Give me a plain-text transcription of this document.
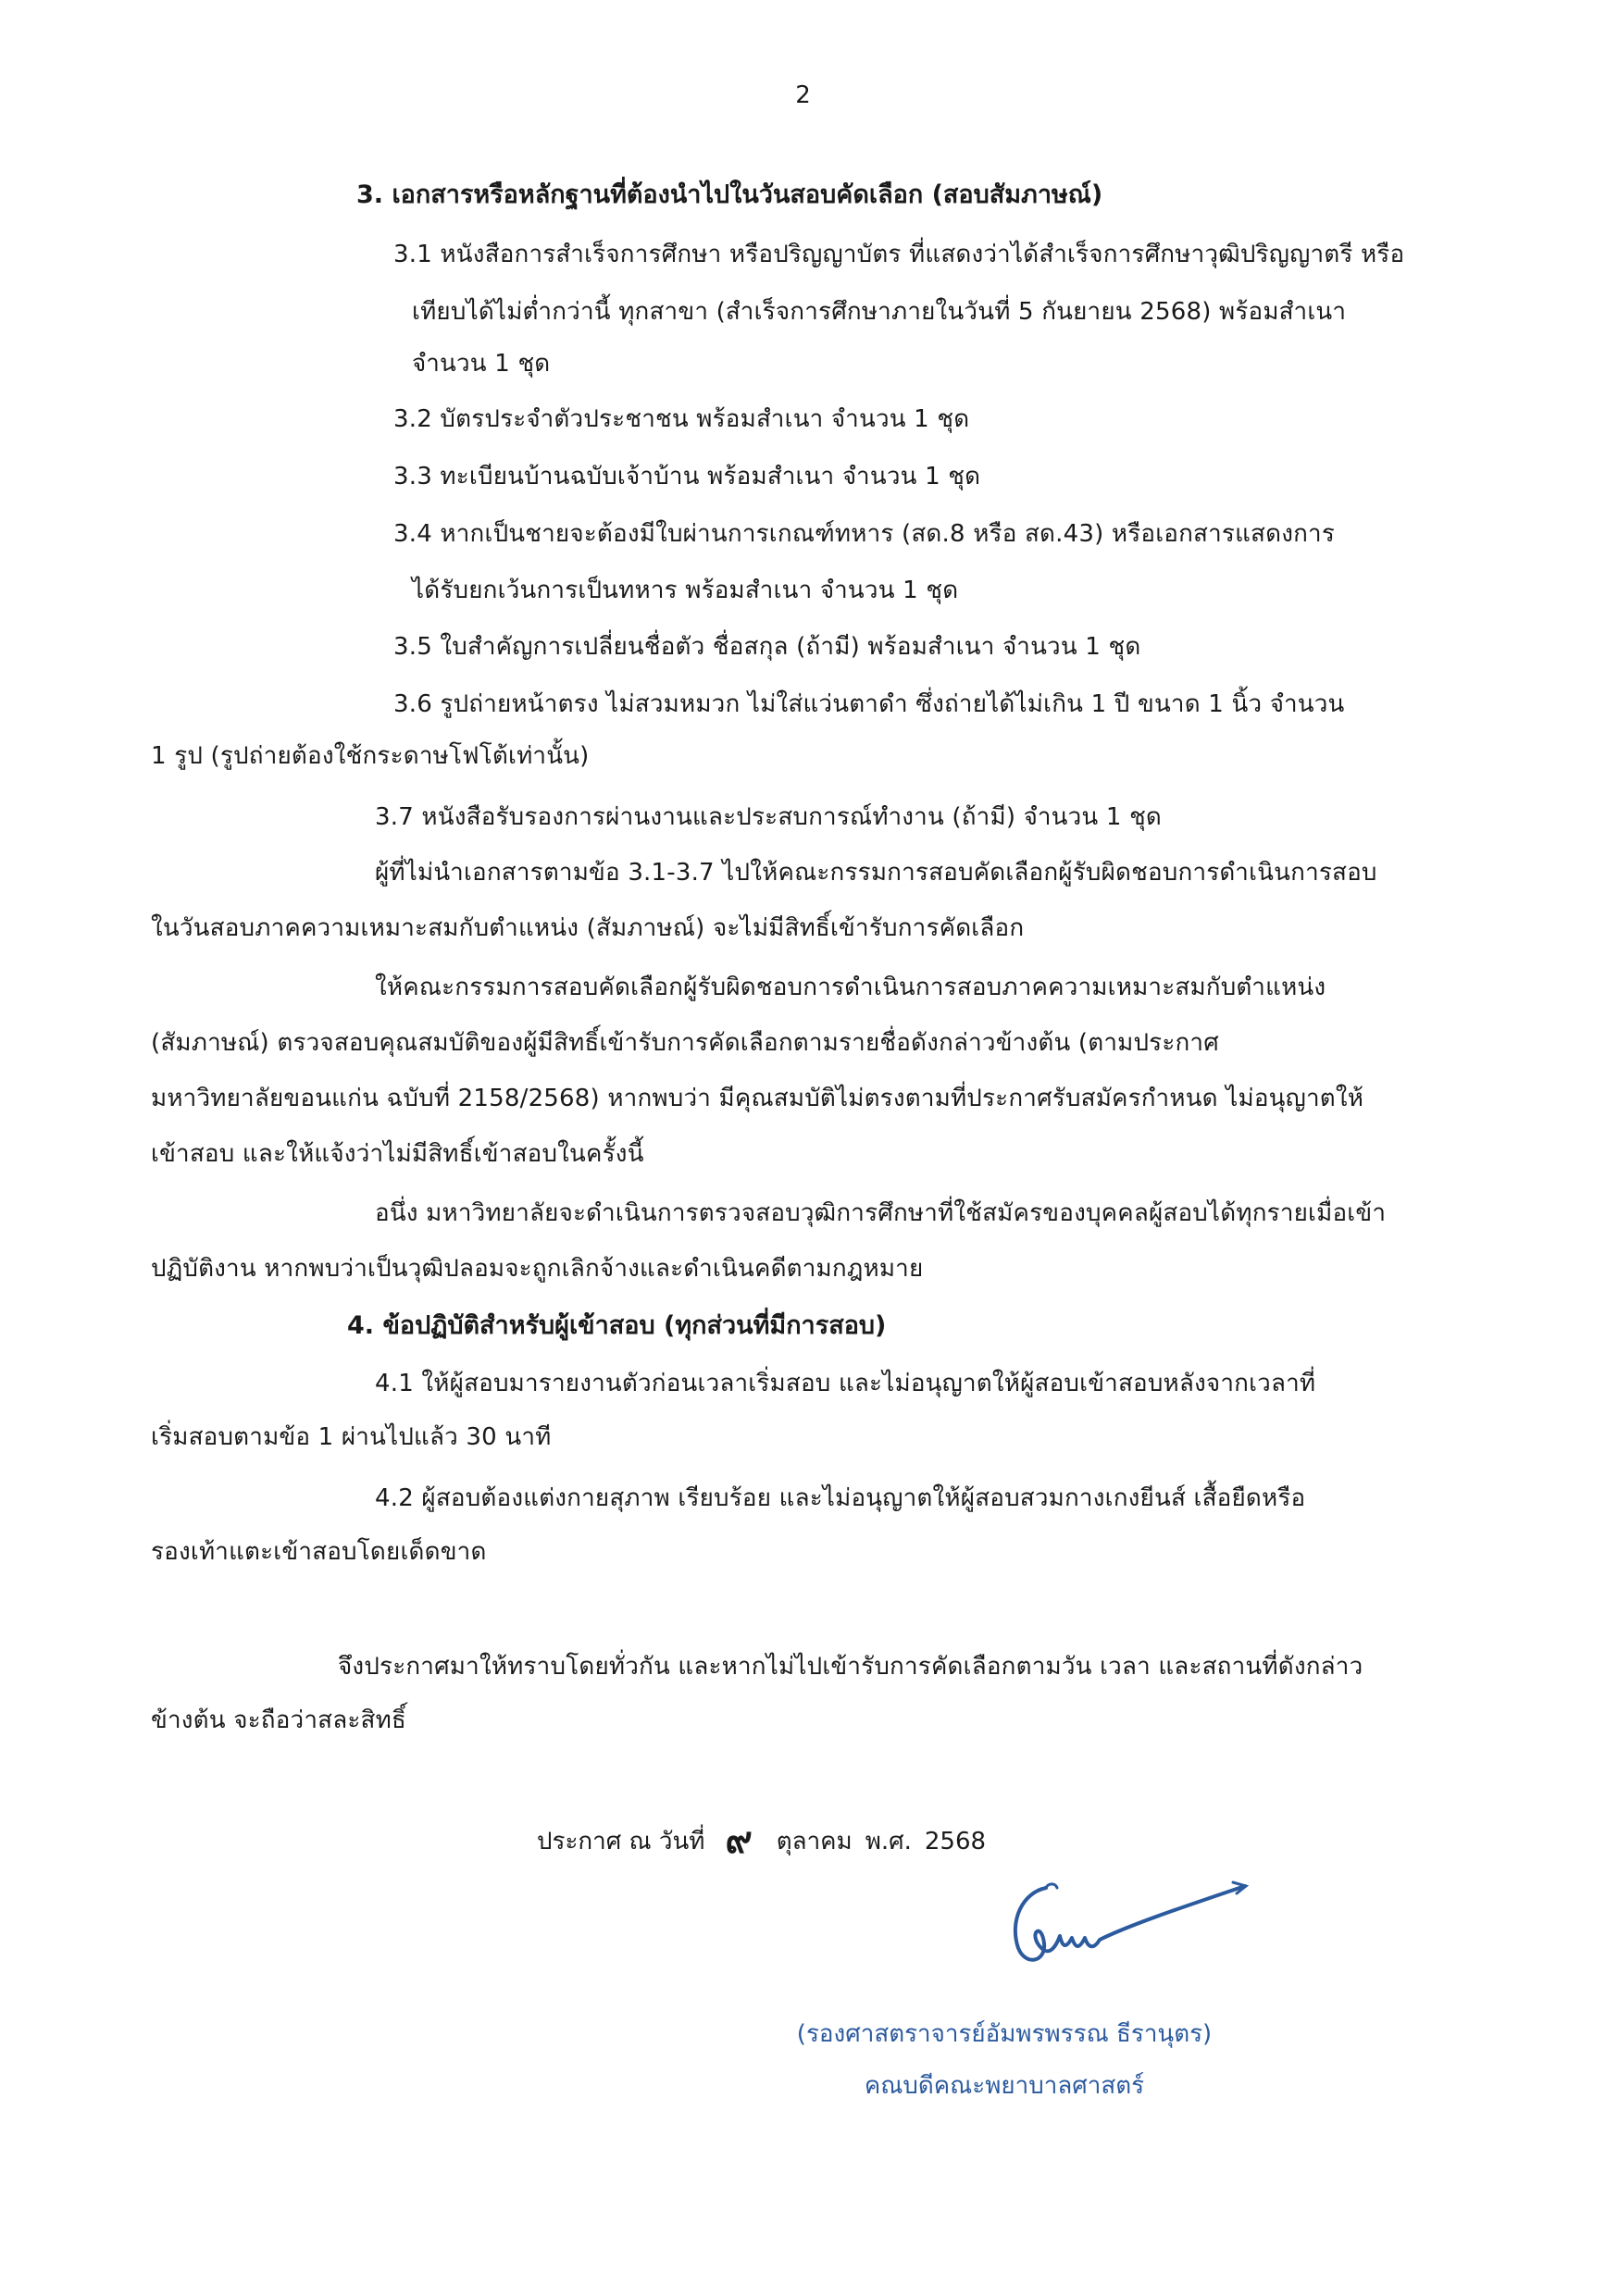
2
3. เอกสารหรือหลักฐานที่ต้องนำไปในวันสอบคัดเลือก (สอบสัมภาษณ์)
3.1 หนังสือการสำเร็จการศึกษา หรือปริญญาบัตร ที่แสดงว่าได้สำเร็จการศึกษาวุฒิปริญญาตรี หรือ
เทียบได้ไม่ต่ำกว่านี้ ทุกสาขา (สำเร็จการศึกษาภายในวันที่ 5 กันยายน 2568) พร้อมสำเนา
จำนวน 1 ชุด
3.2 บัตรประจำตัวประชาชน พร้อมสำเนา จำนวน 1 ชุด
3.3 ทะเบียนบ้านฉบับเจ้าบ้าน พร้อมสำเนา จำนวน 1 ชุด
3.4 หากเป็นชายจะต้องมีใบผ่านการเกณฑ์ทหาร (สด.8 หรือ สด.43) หรือเอกสารแสดงการ
ได้รับยกเว้นการเป็นทหาร พร้อมสำเนา จำนวน 1 ชุด
3.5 ใบสำคัญการเปลี่ยนชื่อตัว ชื่อสกุล (ถ้ามี) พร้อมสำเนา จำนวน 1 ชุด
3.6 รูปถ่ายหน้าตรง ไม่สวมหมวก ไม่ใส่แว่นตาดำ ซึ่งถ่ายได้ไม่เกิน 1 ปี ขนาด 1 นิ้ว จำนวน
1 รูป (รูปถ่ายต้องใช้กระดาษโฟโต้เท่านั้น)
3.7 หนังสือรับรองการผ่านงานและประสบการณ์ทำงาน (ถ้ามี) จำนวน 1 ชุด
ผู้ที่ไม่นำเอกสารตามข้อ 3.1-3.7 ไปให้คณะกรรมการสอบคัดเลือกผู้รับผิดชอบการดำเนินการสอบ
ในวันสอบภาคความเหมาะสมกับตำแหน่ง (สัมภาษณ์) จะไม่มีสิทธิ์เข้ารับการคัดเลือก
ให้คณะกรรมการสอบคัดเลือกผู้รับผิดชอบการดำเนินการสอบภาคความเหมาะสมกับตำแหน่ง
(สัมภาษณ์) ตรวจสอบคุณสมบัติของผู้มีสิทธิ์เข้ารับการคัดเลือกตามรายชื่อดังกล่าวข้างต้น (ตามประกาศ
มหาวิทยาลัยขอนแก่น ฉบับที่ 2158/2568) หากพบว่า มีคุณสมบัติไม่ตรงตามที่ประกาศรับสมัครกำหนด ไม่อนุญาตให้
เข้าสอบ และให้แจ้งว่าไม่มีสิทธิ์เข้าสอบในครั้งนี้
อนึ่ง มหาวิทยาลัยจะดำเนินการตรวจสอบวุฒิการศึกษาที่ใช้สมัครของบุคคลผู้สอบได้ทุกรายเมื่อเข้า
ปฏิบัติงาน หากพบว่าเป็นวุฒิปลอมจะถูกเลิกจ้างและดำเนินคดีตามกฎหมาย
4. ข้อปฏิบัติสำหรับผู้เข้าสอบ (ทุกส่วนที่มีการสอบ)
4.1 ให้ผู้สอบมารายงานตัวก่อนเวลาเริ่มสอบ และไม่อนุญาตให้ผู้สอบเข้าสอบหลังจากเวลาที่
เริ่มสอบตามข้อ 1 ผ่านไปแล้ว 30 นาที
4.2 ผู้สอบต้องแต่งกายสุภาพ เรียบร้อย และไม่อนุญาตให้ผู้สอบสวมกางเกงยีนส์ เสื้อยืดหรือ
รองเท้าแตะเข้าสอบโดยเด็ดขาด
จึงประกาศมาให้ทราบโดยทั่วกัน และหากไม่ไปเข้ารับการคัดเลือกตามวัน เวลา และสถานที่ดังกล่าว
ข้างต้น จะถือว่าสละสิทธิ์
ประกาศ ณ วันที่ ๙ ตุลาคม พ.ศ. 2568
(รองศาสตราจารย์อัมพรพรรณ ธีรานุตร)
คณบดีคณะพยาบาลศาสตร์
